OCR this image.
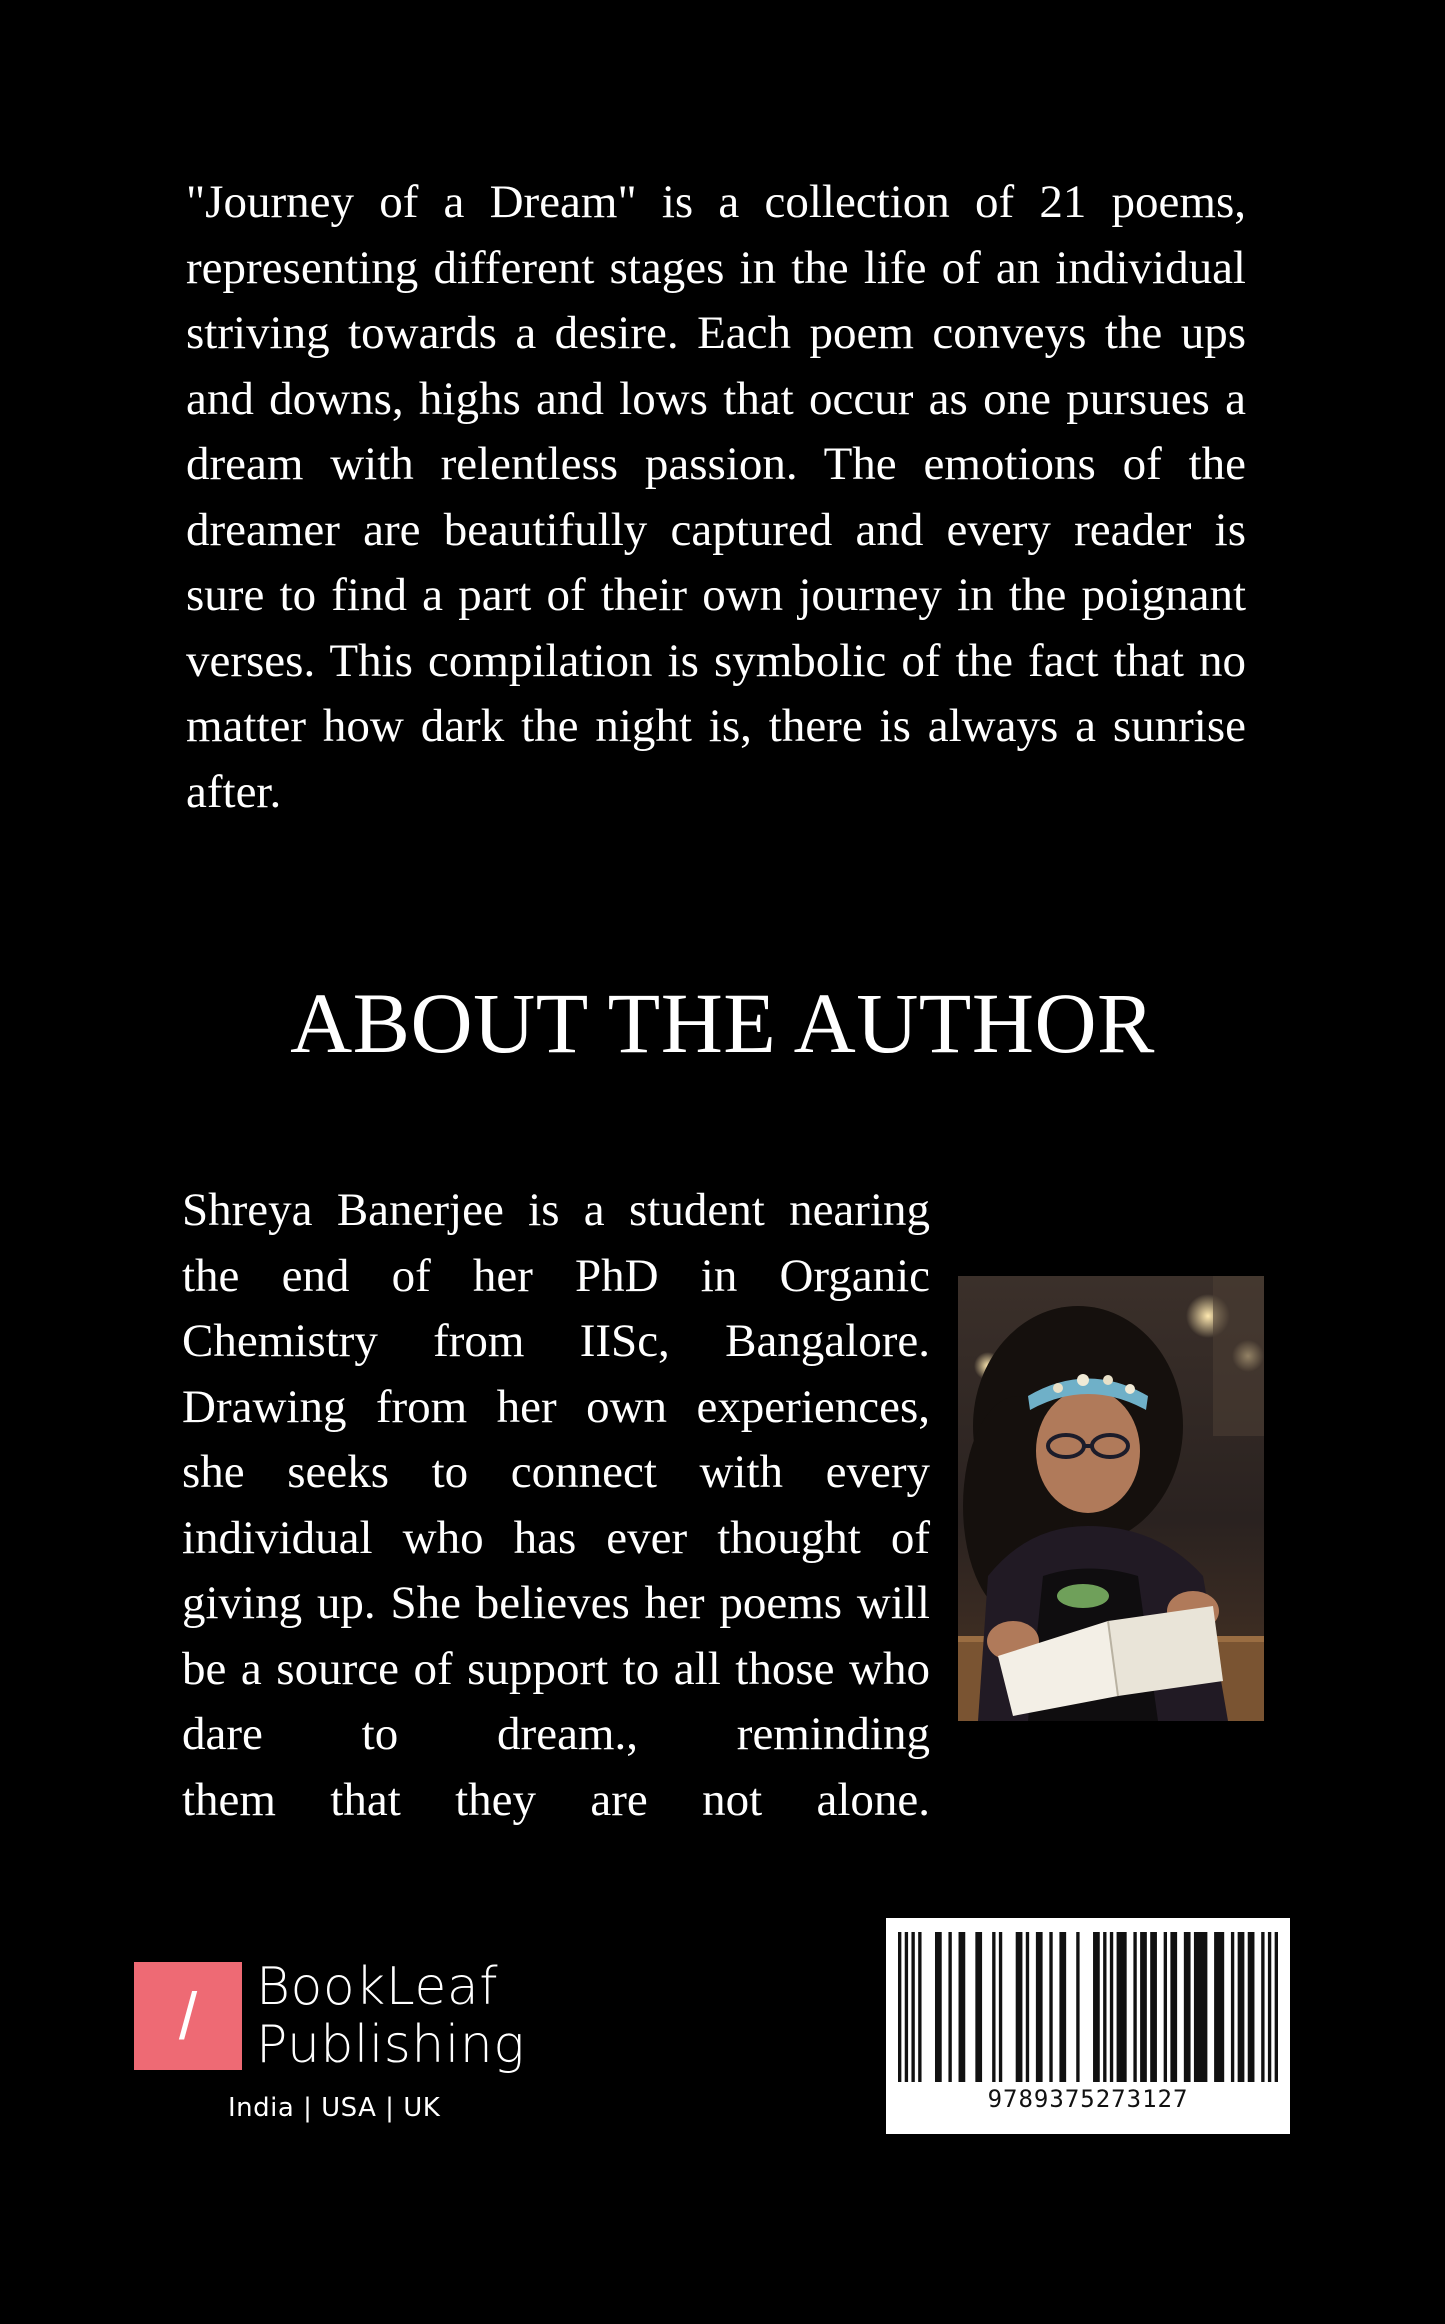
"Journey of a Dream" is a collection of 21 poems, representing different stages in the life of an individual striving towards a desire. Each poem conveys the ups and downs, highs and lows that occur as one pursues a dream with relentless passion. The emotions of the dreamer are beautifully captured and every reader is sure to find a part of their own journey in the poignant verses. This compilation is symbolic of the fact that no matter how dark the night is, there is always a sunrise after.

ABOUT THE AUTHOR

Shreya Banerjee is a student nearing the end of her PhD in Organic Chemistry from IISc, Bangalore. Drawing from her own experiences, she seeks to connect with every individual who has ever thought of giving up. She believes her poems will be a source of support to all those who dare to dream., reminding
them that they are not alone.

/	BookLeaf
Publishing
India | USA | UK	9789375273127
